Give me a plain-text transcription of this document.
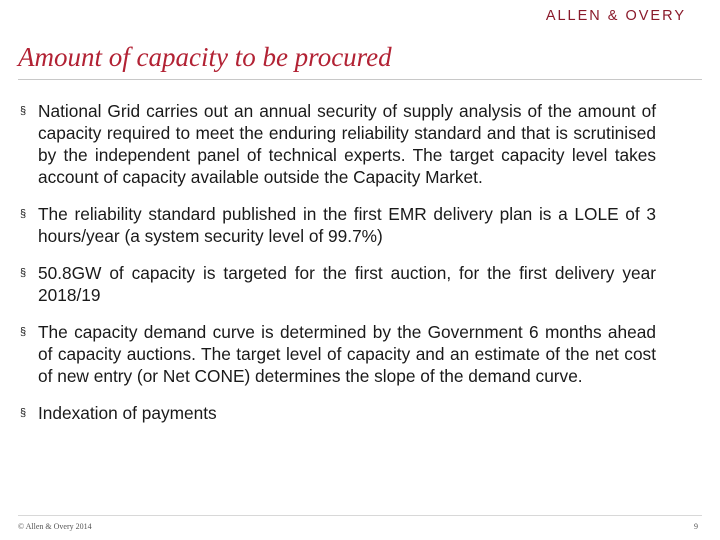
ALLEN & OVERY
Amount of capacity to be procured
§ National Grid carries out an annual security of supply analysis of the amount of capacity required to meet the enduring reliability standard and that is scrutinised by the independent panel of technical experts. The target capacity level takes account of capacity available outside the Capacity Market.
§ The reliability standard published in the first EMR delivery plan is a LOLE of 3 hours/year (a system security level of 99.7%)
§ 50.8GW of capacity is targeted for the first auction, for the first delivery year 2018/19
§ The capacity demand curve is determined by the Government 6 months ahead of capacity auctions. The target level of capacity and an estimate of the net cost of new entry (or Net CONE) determines the slope of the demand curve.
§ Indexation of payments
© Allen & Overy 2014	9
